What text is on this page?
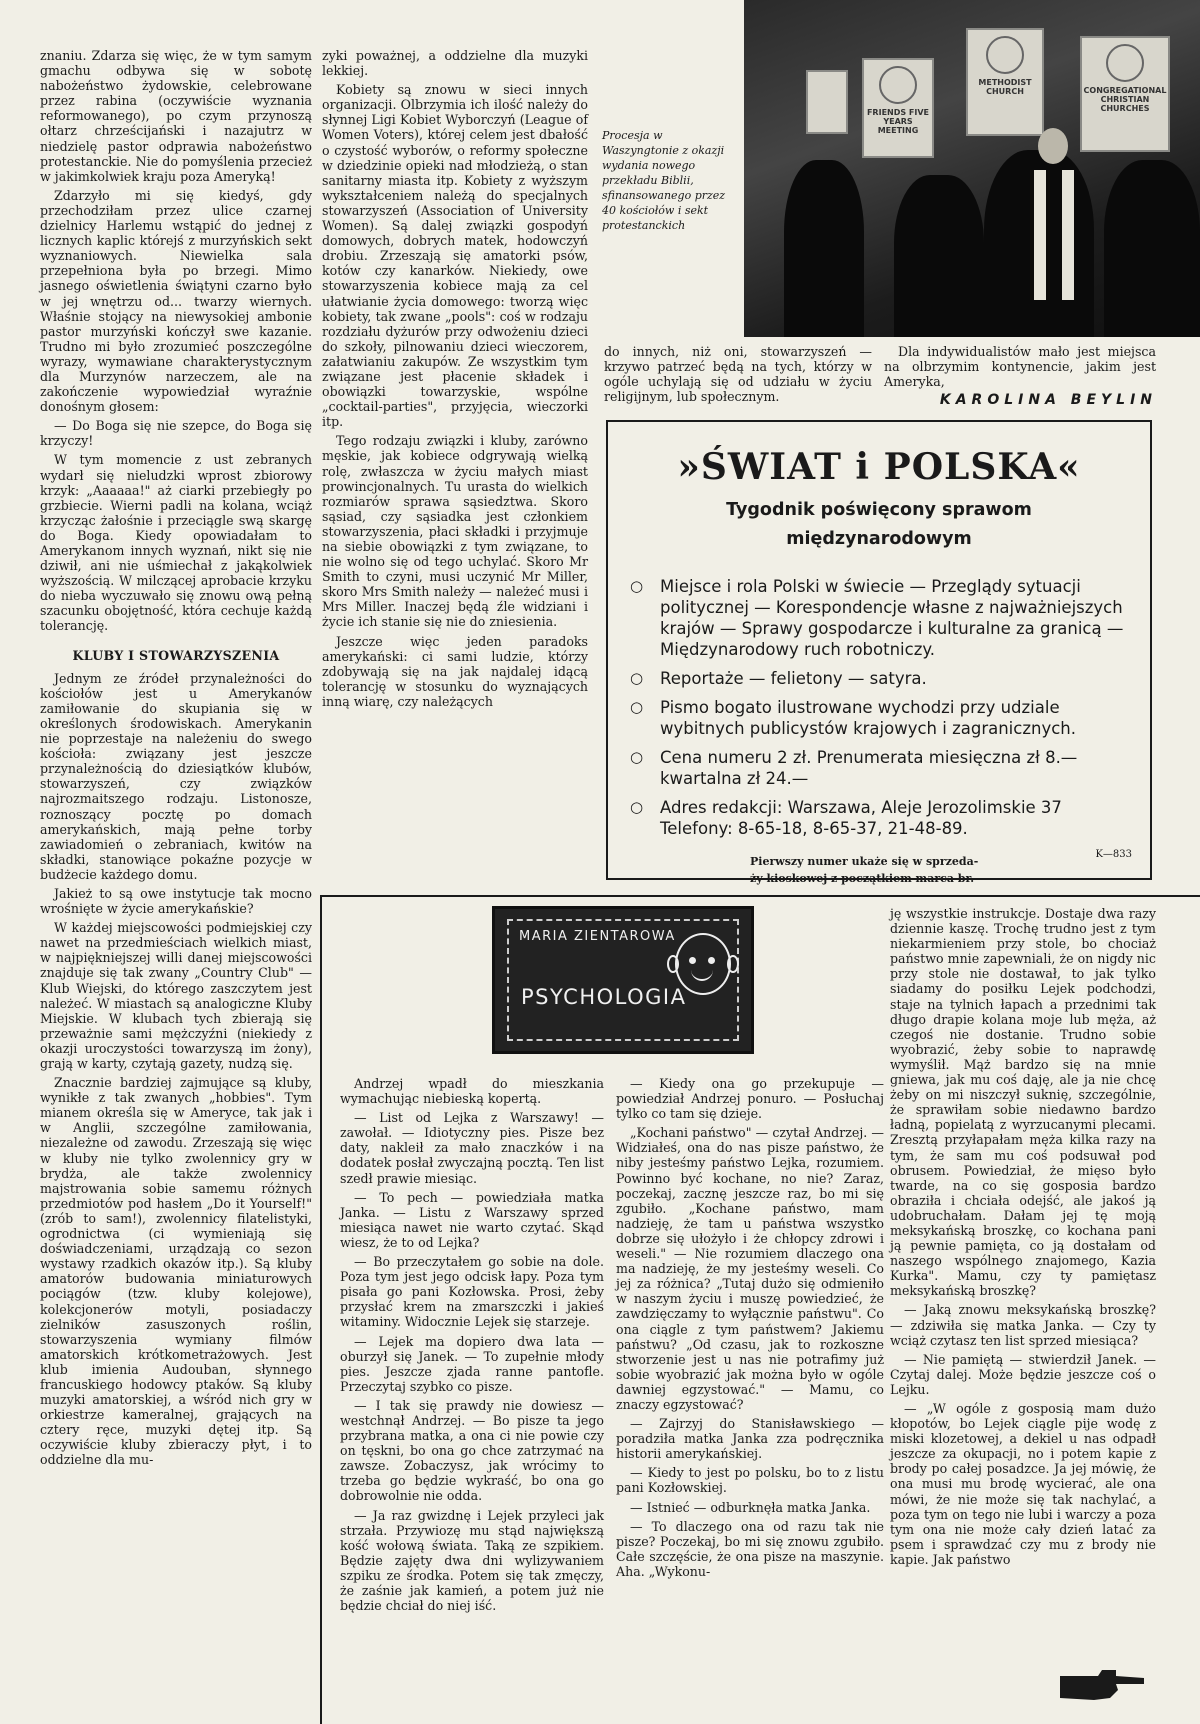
znaniu. Zdarza się więc, że w tym samym gmachu odbywa się w sobotę nabożeństwo żydowskie, celebrowane przez rabina (oczywiście wyznania reformowanego), po czym przynoszą ołtarz chrześcijański i nazajutrz w niedzielę pastor odprawia nabożeństwo protestanckie. Nie do pomyślenia przecież w jakimkolwiek kraju poza Ameryką!

Zdarzyło mi się kiedyś, gdy przechodziłam przez ulice czarnej dzielnicy Harlemu wstąpić do jednej z licznych kaplic którejś z murzyńskich sekt wyznaniowych. Niewielka sala przepełniona była po brzegi. Mimo jasnego oświetlenia świątyni czarno było w jej wnętrzu od... twarzy wiernych. Właśnie stojący na niewysokiej ambonie pastor murzyński kończył swe kazanie. Trudno mi było zrozumieć poszczególne wyrazy, wymawiane charakterystycznym dla Murzynów narzeczem, ale na zakończenie wypowiedział wyraźnie donośnym głosem:

— Do Boga się nie szepce, do Boga się krzyczy!

W tym momencie z ust zebranych wydarł się nieludzki wprost zbiorowy krzyk: „Aaaaaa!" aż ciarki przebiegły po grzbiecie. Wierni padli na kolana, wciąż krzycząc żałośnie i przeciągle swą skargę do Boga. Kiedy opowiadałam to Amerykanom innych wyznań, nikt się nie dziwił, ani nie uśmiechał z jakąkolwiek wyższością. W milczącej aprobacie krzyku do nieba wyczuwało się znowu ową pełną szacunku obojętność, która cechuje każdą tolerancję.

KLUBY I STOWARZYSZENIA

Jednym ze źródeł przynależności do kościołów jest u Amerykanów zamiłowanie do skupiania się w określonych środowiskach. Amerykanin nie poprzestaje na należeniu do swego kościoła: związany jest jeszcze przynależnością do dziesiątków klubów, stowarzyszeń, czy związków najrozmaitszego rodzaju. Listonosze, roznoszący pocztę po domach amerykańskich, mają pełne torby zawiadomień o zebraniach, kwitów na składki, stanowiące pokaźne pozycje w budżecie każdego domu.

Jakież to są owe instytucje tak mocno wrośnięte w życie amerykańskie?

W każdej miejscowości podmiejskiej czy nawet na przedmieściach wielkich miast, w najpiękniejszej willi danej miejscowości znajduje się tak zwany „Country Club" — Klub Wiejski, do którego zaszczytem jest należeć. W miastach są analogiczne Kluby Miejskie. W klubach tych zbierają się przeważnie sami mężczyźni (niekiedy z okazji uroczystości towarzyszą im żony), grają w karty, czytają gazety, nudzą się.

Znacznie bardziej zajmujące są kluby, wynikłe z tak zwanych „hobbies". Tym mianem określa się w Ameryce, tak jak i w Anglii, szczególne zamiłowania, niezależne od zawodu. Zrzeszają się więc w kluby nie tylko zwolennicy gry w brydża, ale także zwolennicy majstrowania sobie samemu różnych przedmiotów pod hasłem „Do it Yourself!" (zrób to sam!), zwolennicy filatelistyki, ogrodnictwa (ci wymieniają się doświadczeniami, urządzają co sezon wystawy rzadkich okazów itp.). Są kluby amatorów budowania miniaturowych pociągów (tzw. kluby kolejowe), kolekcjonerów motyli, posiadaczy zielników zasuszonych roślin, stowarzyszenia wymiany filmów amatorskich krótkometrażowych. Jest klub imienia Audouban, słynnego francuskiego hodowcy ptaków. Są kluby muzyki amatorskiej, a wśród nich gry w orkiestrze kameralnej, grających na cztery ręce, muzyki dętej itp. Są oczywiście kluby zbieraczy płyt, i to oddzielne dla mu-

zyki poważnej, a oddzielne dla muzyki lekkiej.

Kobiety są znowu w sieci innych organizacji. Olbrzymia ich ilość należy do słynnej Ligi Kobiet Wyborczyń (League of Women Voters), której celem jest dbałość o czystość wyborów, o reformy społeczne w dziedzinie opieki nad młodzieżą, o stan sanitarny miasta itp. Kobiety z wyższym wykształceniem należą do specjalnych stowarzyszeń (Association of University Women). Są dalej związki gospodyń domowych, dobrych matek, hodowczyń drobiu. Zrzeszają się amatorki psów, kotów czy kanarków. Niekiedy, owe stowarzyszenia kobiece mają za cel ułatwianie życia domowego: tworzą więc kobiety, tak zwane „pools": coś w rodzaju rozdziału dyżurów przy odwożeniu dzieci do szkoły, pilnowaniu dzieci wieczorem, załatwianiu zakupów. Ze wszystkim tym związane jest płacenie składek i obowiązki towarzyskie, wspólne „cocktail-parties", przyjęcia, wieczorki itp.

Tego rodzaju związki i kluby, zarówno męskie, jak kobiece odgrywają wielką rolę, zwłaszcza w życiu małych miast prowincjonalnych. Tu urasta do wielkich rozmiarów sprawa sąsiedztwa. Skoro sąsiad, czy sąsiadka jest członkiem stowarzyszenia, płaci składki i przyjmuje na siebie obowiązki z tym związane, to nie wolno się od tego uchylać. Skoro Mr Smith to czyni, musi uczynić Mr Miller, skoro Mrs Smith należy — należeć musi i Mrs Miller. Inaczej będą źle widziani i życie ich stanie się nie do zniesienia.

Jeszcze więc jeden paradoks amerykański: ci sami ludzie, którzy zdobywają się na jak najdalej idącą tolerancję w stosunku do wyznających inną wiarę, czy należących

FRIENDS FIVE YEARS MEETING
METHODIST CHURCH	CONGREGATIONAL CHRISTIAN CHURCHES
Procesja w Waszyngtonie z okazji wydania nowego przekładu Biblii, sfinansowanego przez 40 kościołów i sekt protestanckich

do innych, niż oni, stowarzyszeń — krzywo patrzeć będą na tych, którzy w ogóle uchylają się od udziału w życiu religijnym, lub społecznym.

Dla indywidualistów mało jest miejsca na olbrzymim kontynencie, jakim jest Ameryka,

KAROLINA BEYLIN
»ŚWIAT i POLSKA«
Tygodnik poświęcony sprawom
międzynarodowym
○ Miejsce i rola Polski w świecie — Przeglądy sytuacji politycznej — Korespondencje własne z najważniejszych krajów — Sprawy gospodarcze i kulturalne za granicą — Międzynarodowy ruch robotniczy.
○ Reportaże — felietony — satyra.
○ Pismo bogato ilustrowane wychodzi przy udziale wybitnych publicystów krajowych i zagranicznych.
○ Cena numeru 2 zł. Prenumerata miesięczna zł 8.— kwartalna zł 24.—
○ Adres redakcji: Warszawa, Aleje Jerozolimskie 37 Telefony: 8-65-18, 8-65-37, 21-48-89.
Pierwszy numer ukaże się w sprzeda-
ży kioskowej z początkiem marca br.
K—833
MARIA ZIENTAROWA
PSYCHOLOGIA

Andrzej wpadł do mieszkania wymachując niebieską kopertą.

— List od Lejka z Warszawy! — zawołał. — Idiotyczny pies. Pisze bez daty, nakleił za mało znaczków i na dodatek posłał zwyczajną pocztą. Ten list szedł prawie miesiąc.

— To pech — powiedziała matka Janka. — Listu z Warszawy sprzed miesiąca nawet nie warto czytać. Skąd wiesz, że to od Lejka?

— Bo przeczytałem go sobie na dole. Poza tym jest jego odcisk łapy. Poza tym pisała go pani Kozłowska. Prosi, żeby przysłać krem na zmarszczki i jakieś witaminy. Widocznie Lejek się starzeje.

— Lejek ma dopiero dwa lata — oburzył się Janek. — To zupełnie młody pies. Jeszcze zjada ranne pantofle. Przeczytaj szybko co pisze.

— I tak się prawdy nie dowiesz — westchnął Andrzej. — Bo pisze ta jego przybrana matka, a ona ci nie powie czy on tęskni, bo ona go chce zatrzymać na zawsze. Zobaczysz, jak wrócimy to trzeba go będzie wykraść, bo ona go dobrowolnie nie odda.

— Ja raz gwizdnę i Lejek przyleci jak strzała. Przywiozę mu stąd największą kość wołową świata. Taką ze szpikiem. Będzie zajęty dwa dni wylizywaniem szpiku ze środka. Potem się tak zmęczy, że zaśnie jak kamień, a potem już nie będzie chciał do niej iść.

— Kiedy ona go przekupuje — powiedział Andrzej ponuro. — Posłuchaj tylko co tam się dzieje.

„Kochani państwo" — czytał Andrzej. — Widziałeś, ona do nas pisze państwo, że niby jesteśmy państwo Lejka, rozumiem. Powinno być kochane, no nie? Zaraz, poczekaj, zacznę jeszcze raz, bo mi się zgubiło. „Kochane państwo, mam nadzieję, że tam u państwa wszystko dobrze się ułożyło i że chłopcy zdrowi i weseli." — Nie rozumiem dlaczego ona ma nadzieję, że my jesteśmy weseli. Co jej za różnica? „Tutaj dużo się odmieniło w naszym życiu i muszę powiedzieć, że zawdzięczamy to wyłącznie państwu". Co ona ciągle z tym państwem? Jakiemu państwu? „Od czasu, jak to rozkoszne stworzenie jest u nas nie potrafimy już sobie wyobrazić jak można było w ogóle dawniej egzystować." — Mamu, co znaczy egzystować?

— Zajrzyj do Stanisławskiego — poradziła matka Janka zza podręcznika historii amerykańskiej.

— Kiedy to jest po polsku, bo to z listu pani Kozłowskiej.

— Istnieć — odburknęła matka Janka.

— To dlaczego ona od razu tak nie pisze? Poczekaj, bo mi się znowu zgubiło. Całe szczęście, że ona pisze na maszynie. Aha. „Wykonu-

ję wszystkie instrukcje. Dostaje dwa razy dziennie kaszę. Trochę trudno jest z tym niekarmieniem przy stole, bo chociaż państwo mnie zapewniali, że on nigdy nic przy stole nie dostawał, to jak tylko siadamy do posiłku Lejek podchodzi, staje na tylnich łapach a przednimi tak długo drapie kolana moje lub męża, aż czegoś nie dostanie. Trudno sobie wyobrazić, żeby sobie to naprawdę wymyślił. Mąż bardzo się na mnie gniewa, jak mu coś daję, ale ja nie chcę żeby on mi niszczył suknię, szczególnie, że sprawiłam sobie niedawno bardzo ładną, popielatą z wyrzucanymi plecami. Zresztą przyłapałam męża kilka razy na tym, że sam mu coś podsuwał pod obrusem. Powiedział, że mięso było twarde, na co się gosposia bardzo obraziła i chciała odejść, ale jakoś ją udobruchałam. Dałam jej tę moją meksykańską broszkę, co kochana pani ją pewnie pamięta, co ją dostałam od naszego wspólnego znajomego, Kazia Kurka". Mamu, czy ty pamiętasz meksykańską broszkę?

— Jaką znowu meksykańską broszkę? — zdziwiła się matka Janka. — Czy ty wciąż czytasz ten list sprzed miesiąca?

— Nie pamiętą — stwierdził Janek. — Czytaj dalej. Może będzie jeszcze coś o Lejku.

— „W ogóle z gosposią mam dużo kłopotów, bo Lejek ciągle pije wodę z miski klozetowej, a dekiel u nas odpadł jeszcze za okupacji, no i potem kapie z brody po całej posadzce. Ja jej mówię, że ona musi mu brodę wycierać, ale ona mówi, że nie może się tak nachylać, a poza tym on tego nie lubi i warczy a poza tym ona nie może cały dzień latać za psem i sprawdzać czy mu z brody nie kapie. Jak państwo
